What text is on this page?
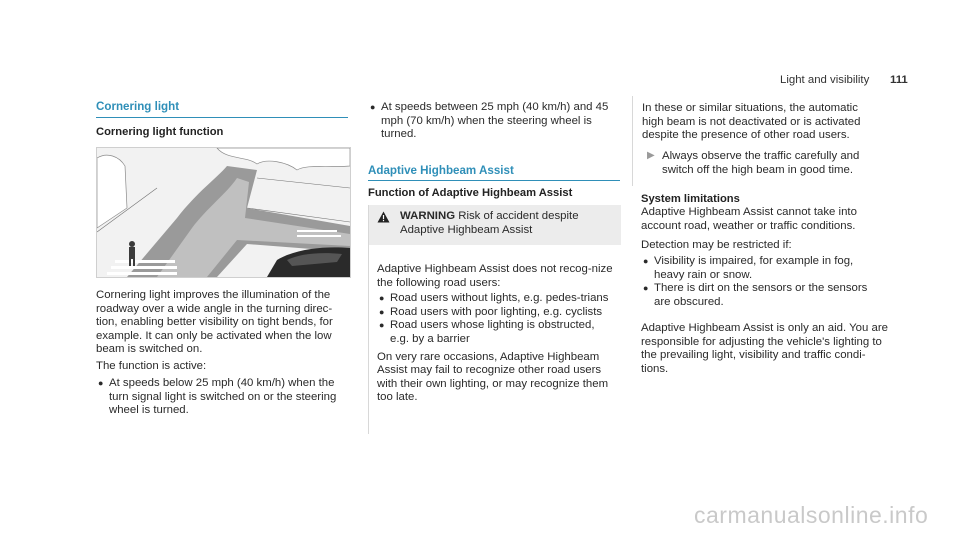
Light and visibility 111
Cornering light
Cornering light function

Cornering light improves the illumination of the roadway over a wide angle in the turning direc-tion, enabling better visibility on tight bends, for example. It can only be activated when the low beam is switched on.

The function is active:

● At speeds below 25 mph (40 km/h) when the turn signal light is switched on or the steering wheel is turned.
● At speeds between 25 mph (40 km/h) and 45 mph (70 km/h) when the steering wheel is turned.
Adaptive Highbeam Assist
Function of Adaptive Highbeam Assist
WARNING Risk of accident despite Adaptive Highbeam Assist

Adaptive Highbeam Assist does not recog-nize the following road users:

● Road users without lights, e.g. pedes-trians
● Road users with poor lighting, e.g. cyclists
● Road users whose lighting is obstructed, e.g. by a barrier

On very rare occasions, Adaptive Highbeam Assist may fail to recognize other road users with their own lighting, or may recognize them too late.

In these or similar situations, the automatic high beam is not deactivated or is activated despite the presence of other road users.

▶ Always observe the traffic carefully and switch off the high beam in good time.

System limitations

Adaptive Highbeam Assist cannot take into account road, weather or traffic conditions.

Detection may be restricted if:

● Visibility is impaired, for example in fog, heavy rain or snow.
● There is dirt on the sensors or the sensors are obscured.

Adaptive Highbeam Assist is only an aid. You are responsible for adjusting the vehicle's lighting to the prevailing light, visibility and traffic condi-tions.

carmanualsonline.info
